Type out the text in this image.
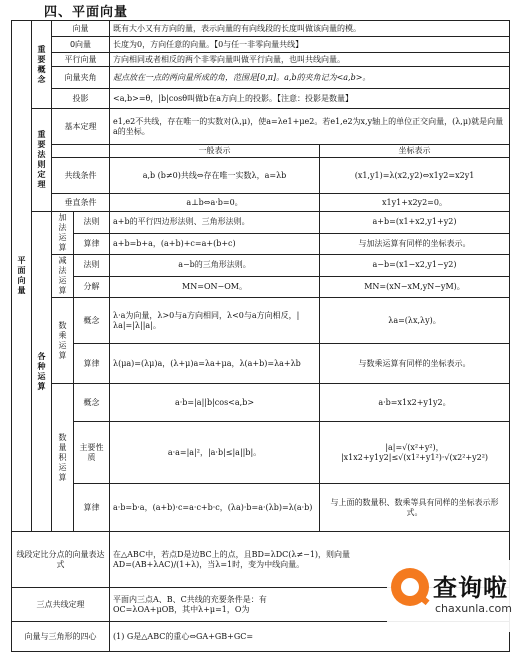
四、平面向量
平面向量	重要概念	向量		既有大小又有方向的量，表示向量的有向线段的长度叫做该向量的模。	
		0向量		长度为0，方向任意的向量。【0与任一非零向量共线】	
		平行向量		方向相同或者相反的两个非零向量叫做平行向量，也叫共线向量。	
		向量夹角		起点放在一点的两向量所成的角，范围是[0,π]。a,b的夹角记为<a,b>。	
		投影		<a,b>=θ，|b|cosθ叫做b在a方向上的投影。【注意：投影是数量】	
	重要法则定理	基本定理		e1,e2不共线，存在唯一的实数对(λ,μ)，使a=λe1+μe2。若e1,e2为x,y轴上的单位正交向量，(λ,μ)就是向量a的坐标。	
				一般表示	坐标表示
		共线条件		a,b (b≠0)共线⇔存在唯一实数λ，a=λb	(x1,y1)=λ(x2,y2)⇔x1y2=x2y1
		垂直条件		a⊥b⇔a·b=0。	x1y1+x2y2=0。
	各种运算	加法运算	法则	a+b的平行四边形法则、三角形法则。	a+b=(x1+x2,y1+y2)
			算律	a+b=b+a，(a+b)+c=a+(b+c)	与加法运算有同样的坐标表示。
		减法运算	法则	a−b的三角形法则。	a−b=(x1−x2,y1−y2)
			分解	MN=ON−OM。	MN=(xN−xM,yN−yM)。
		数乘运算	概念	λ·a为向量，λ>0与a方向相同，λ<0与a方向相反，|λa|=|λ||a|。	λa=(λx,λy)。
			算律	λ(μa)=(λμ)a，(λ+μ)a=λa+μa，λ(a+b)=λa+λb	与数乘运算有同样的坐标表示。
		数量积运算	概念	a·b=|a||b|cos<a,b>	a·b=x1x2+y1y2。
			主要性质	a·a=|a|²，|a·b|≤|a||b|。	|a|=√(x²+y²)，
|x1x2+y1y2|≤√(x1²+y1²)·√(x2²+y2²)

			算律	a·b=b·a，(a+b)·c=a·c+b·c，(λa)·b=a·(λb)=λ(a·b)	与上面的数量积、数乘等具有同样的坐标表示形式。
线段定比分点的向量表达式				在△ABC中，若点D是边BC上的点，且BD=λDC(λ≠−1)，则向量
AD=(AB+λAC)/(1+λ)，当λ=1时，变为中线向量。	

三点共线定理				平面内三点A、B、C共线的充要条件是：有
OC=λOA+μOB，其中λ+μ=1，O为	

向量与三角形的四心				(1) G是△ABC的重心⇔GA+GB+GC=	
查询啦
chaxunla.com
